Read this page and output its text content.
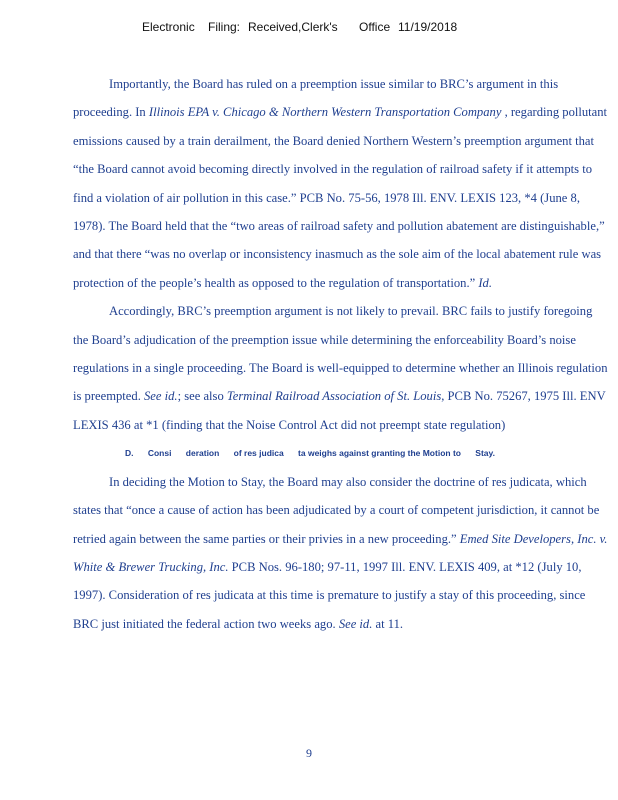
Electronic Filing: Received,Clerk's Office 11/19/2018

Importantly, the Board has ruled on a preemption issue similar to BRC’s argument in this proceeding. In Illinois EPA v. Chicago & Northern Western Transportation Company , regarding pollutant emissions caused by a train derailment, the Board denied Northern Western’s preemption argument that “the Board cannot avoid becoming directly involved in the regulation of railroad safety if it attempts to find a violation of air pollution in this case.” PCB No. 75-56, 1978 Ill. ENV. LEXIS 123, *4 (June 8, 1978). The Board held that the “two areas of railroad safety and pollution abatement are distinguishable,” and that there “was no overlap or inconsistency inasmuch as the sole aim of the local abatement rule was protection of the people’s health as opposed to the regulation of transportation.” Id.

Accordingly, BRC’s preemption argument is not likely to prevail. BRC fails to justify foregoing the Board’s adjudication of the preemption issue while determining the enforceability Board’s noise regulations in a single proceeding. The Board is well-equipped to determine whether an Illinois regulation is preempted. See id.; see also Terminal Railroad Association of St. Louis, PCB No. 75267, 1975 Ill. ENV LEXIS 436 at *1 (finding that the Noise Control Act did not preempt state regulation)

D. Consi deration of res judica ta weighs against granting the Motion to Stay.

In deciding the Motion to Stay, the Board may also consider the doctrine of res judicata, which states that “once a cause of action has been adjudicated by a court of competent jurisdiction, it cannot be retried again between the same parties or their privies in a new proceeding.” Emed Site Developers, Inc. v. White & Brewer Trucking, Inc. PCB Nos. 96-180; 97-11, 1997 Ill. ENV. LEXIS 409, at *12 (July 10, 1997). Consideration of res judicata at this time is premature to justify a stay of this proceeding, since BRC just initiated the federal action two weeks ago. See id. at 11.

9
